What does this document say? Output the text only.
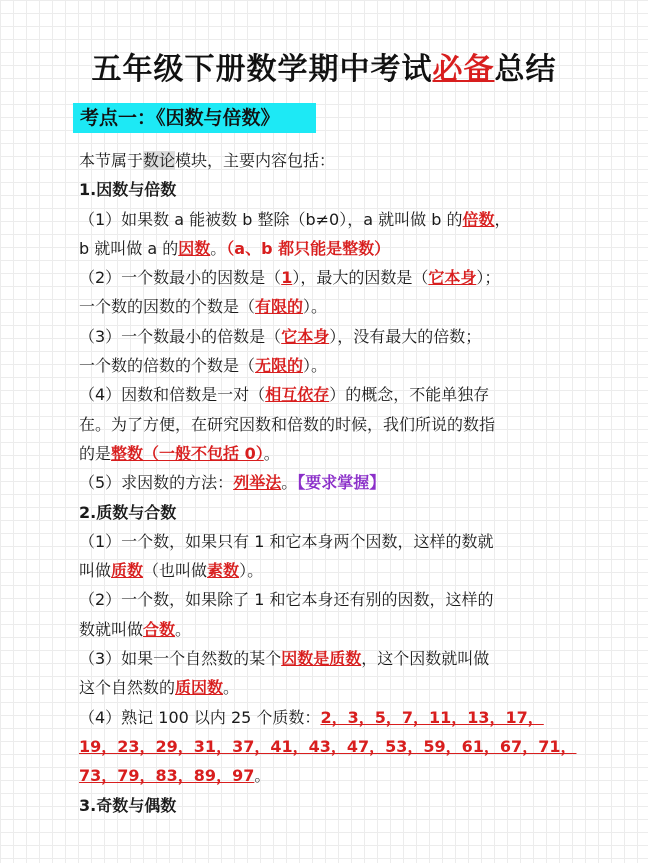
五年级下册数学期中考试必备总结
考点一：《因数与倍数》
本节属于数论模块，主要内容包括：
1.因数与倍数
（1）如果数 a 能被数 b 整除（b≠0），a 就叫做 b 的倍数，
b 就叫做 a 的因数。（a、b 都只能是整数）
（2）一个数最小的因数是（1），最大的因数是（它本身）；
一个数的因数的个数是（有限的）。
（3）一个数最小的倍数是（它本身），没有最大的倍数；
一个数的倍数的个数是（无限的）。
（4）因数和倍数是一对（相互依存）的概念，不能单独存
在。为了方便，在研究因数和倍数的时候，我们所说的数指
的是整数（一般不包括 0）。
（5）求因数的方法：列举法。【要求掌握】
2.质数与合数
（1）一个数，如果只有 1 和它本身两个因数，这样的数就
叫做质数（也叫做素数）。
（2）一个数，如果除了 1 和它本身还有别的因数，这样的
数就叫做合数。
（3）如果一个自然数的某个因数是质数，这个因数就叫做
这个自然数的质因数。
（4）熟记 100 以内 25 个质数：2，3，5，7，11，13，17，
19，23，29，31，37，41，43，47，53，59，61，67，71，
73，79，83，89，97。
3.奇数与偶数
